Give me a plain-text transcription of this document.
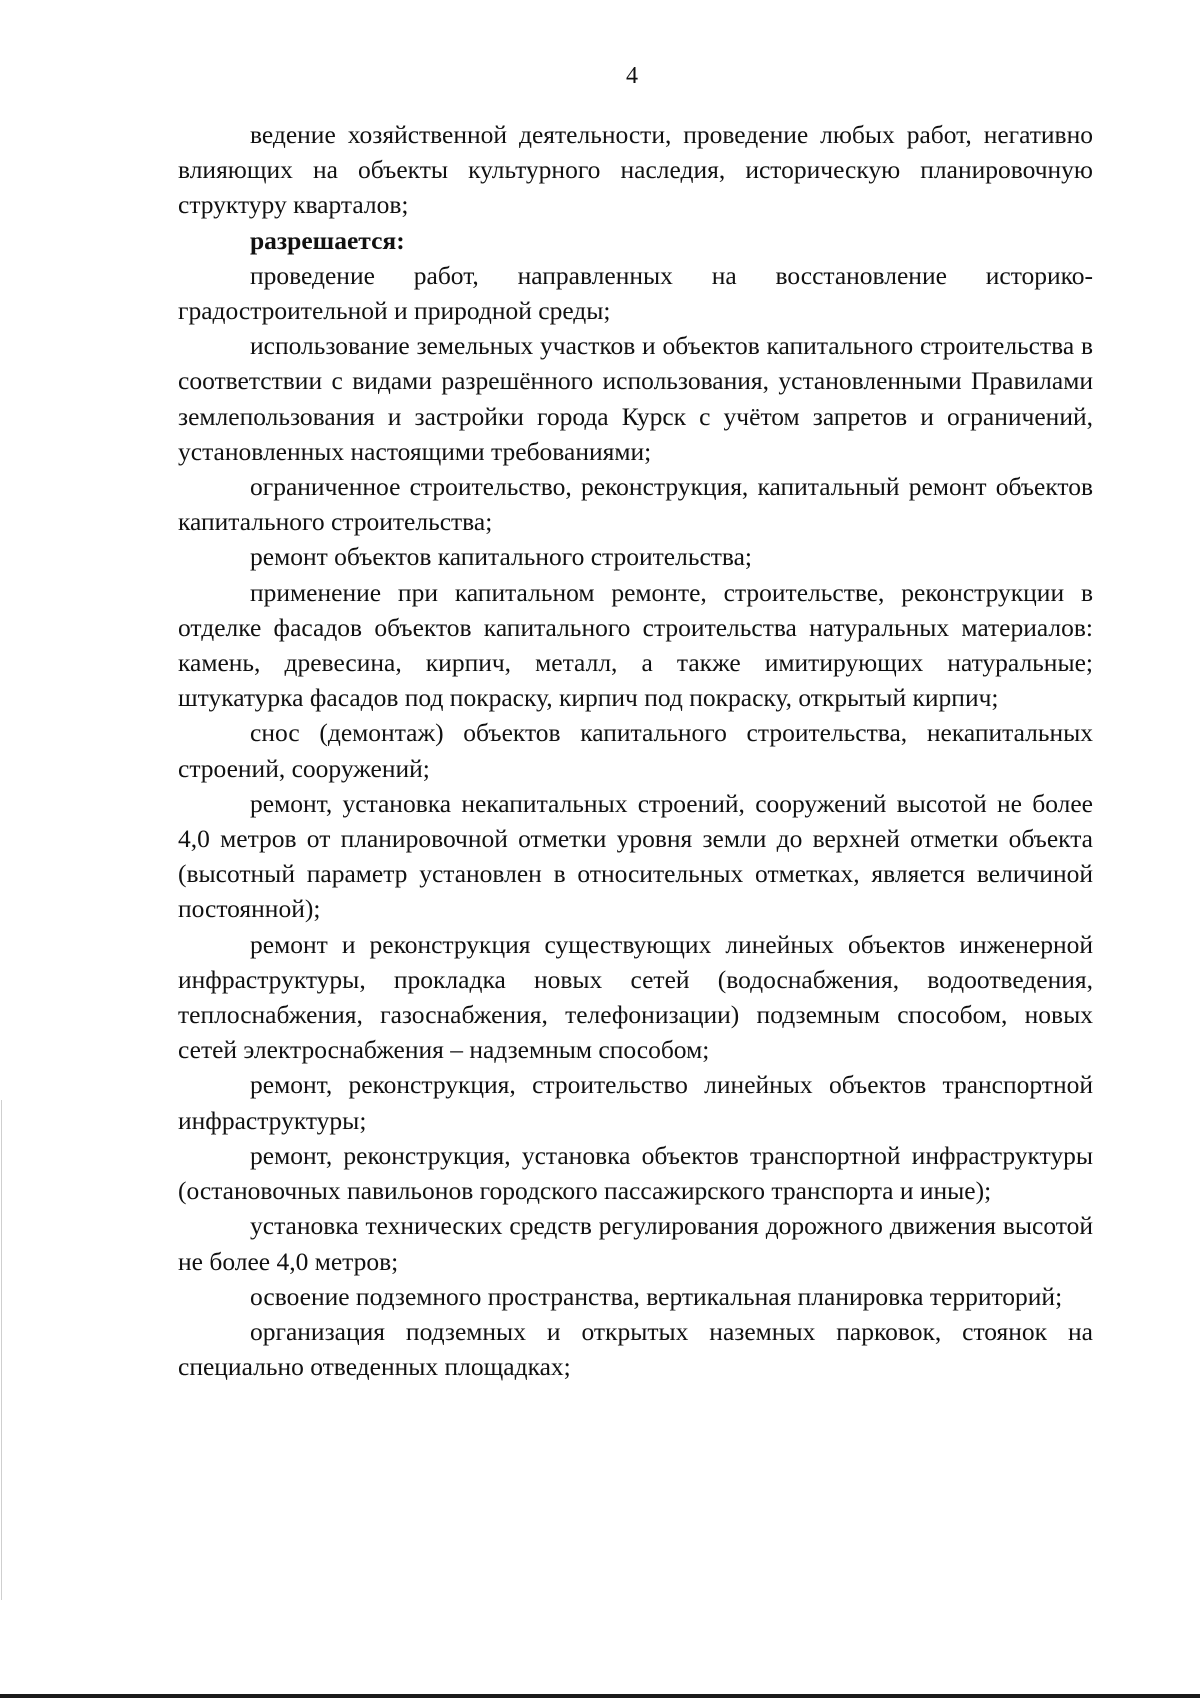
4

ведение хозяйственной деятельности, проведение любых работ, негативно влияющих на объекты культурного наследия, историческую планировочную структуру кварталов;

разрешается:

проведение работ, направленных на восстановление историко-градостроительной и природной среды;

использование земельных участков и объектов капитального строительства в соответствии с видами разрешённого использования, установленными Правилами землепользования и застройки города Курск с учётом запретов и ограничений, установленных настоящими требованиями;

ограниченное строительство, реконструкция, капитальный ремонт объектов капитального строительства;

ремонт объектов капитального строительства;

применение при капитальном ремонте, строительстве, реконструкции в отделке фасадов объектов капитального строительства натуральных материалов: камень, древесина, кирпич, металл, а также имитирующих натуральные; штукатурка фасадов под покраску, кирпич под покраску, открытый кирпич;

снос (демонтаж) объектов капитального строительства, некапитальных строений, сооружений;

ремонт, установка некапитальных строений, сооружений высотой не более 4,0 метров от планировочной отметки уровня земли до верхней отметки объекта (высотный параметр установлен в относительных отметках, является величиной постоянной);

ремонт и реконструкция существующих линейных объектов инженерной инфраструктуры, прокладка новых сетей (водоснабжения, водоотведения, теплоснабжения, газоснабжения, телефонизации) подземным способом, новых сетей электроснабжения – надземным способом;

ремонт, реконструкция, строительство линейных объектов транспортной инфраструктуры;

ремонт, реконструкция, установка объектов транспортной инфраструктуры (остановочных павильонов городского пассажирского транспорта и иные);

установка технических средств регулирования дорожного движения высотой не более 4,0 метров;

освоение подземного пространства, вертикальная планировка территорий;

организация подземных и открытых наземных парковок, стоянок на специально отведенных площадках;
